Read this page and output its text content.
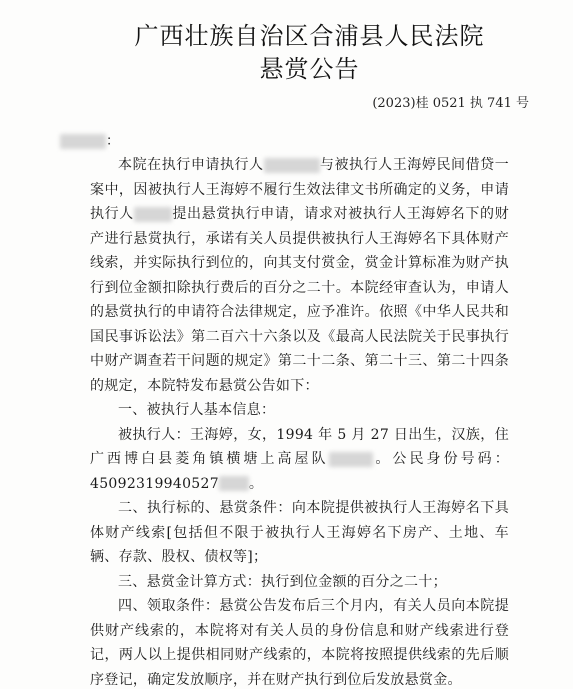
广西壮族自治区合浦县人民法院
悬赏公告
(2023)桂 0521 执 741 号
：

本院在执行申请执行人	与被执行人王海婷民间借贷一案中，因被执行人王海婷不履行生效法律文书所确定的义务，申请执行人	提出悬赏执行申请，请求对被执行人王海婷名下的财产进行悬赏执行，承诺有关人员提供被执行人王海婷名下具体财产线索，并实际执行到位的，向其支付赏金，赏金计算标准为财产执行到位金额扣除执行费后的百分之二十。本院经审查认为，申请人的悬赏执行的申请符合法律规定，应予准许。依照《中华人民共和国民事诉讼法》第二百六十六条以及《最高人民法院关于民事执行中财产调查若干问题的规定》第二十二条、第二十三、第二十四条的规定，本院特发布悬赏公告如下：

一、被执行人基本信息：

被执行人：王海婷，女，1994 年 5 月 27 日出生，汉族，住广西博白县菱角镇横塘上高屋队	。公民身份号码：45092319940527 。

二、执行标的、悬赏条件：向本院提供被执行人王海婷名下具体财产线索[包括但不限于被执行人王海婷名下房产、土地、车辆、存款、股权、债权等]；

三、悬赏金计算方式：执行到位金额的百分之二十；

四、领取条件：悬赏公告发布后三个月内，有关人员向本院提供财产线索的，本院将对有关人员的身份信息和财产线索进行登记，两人以上提供相同财产线索的，本院将按照提供线索的先后顺序登记，确定发放顺序，并在财产执行到位后发放悬赏金。
